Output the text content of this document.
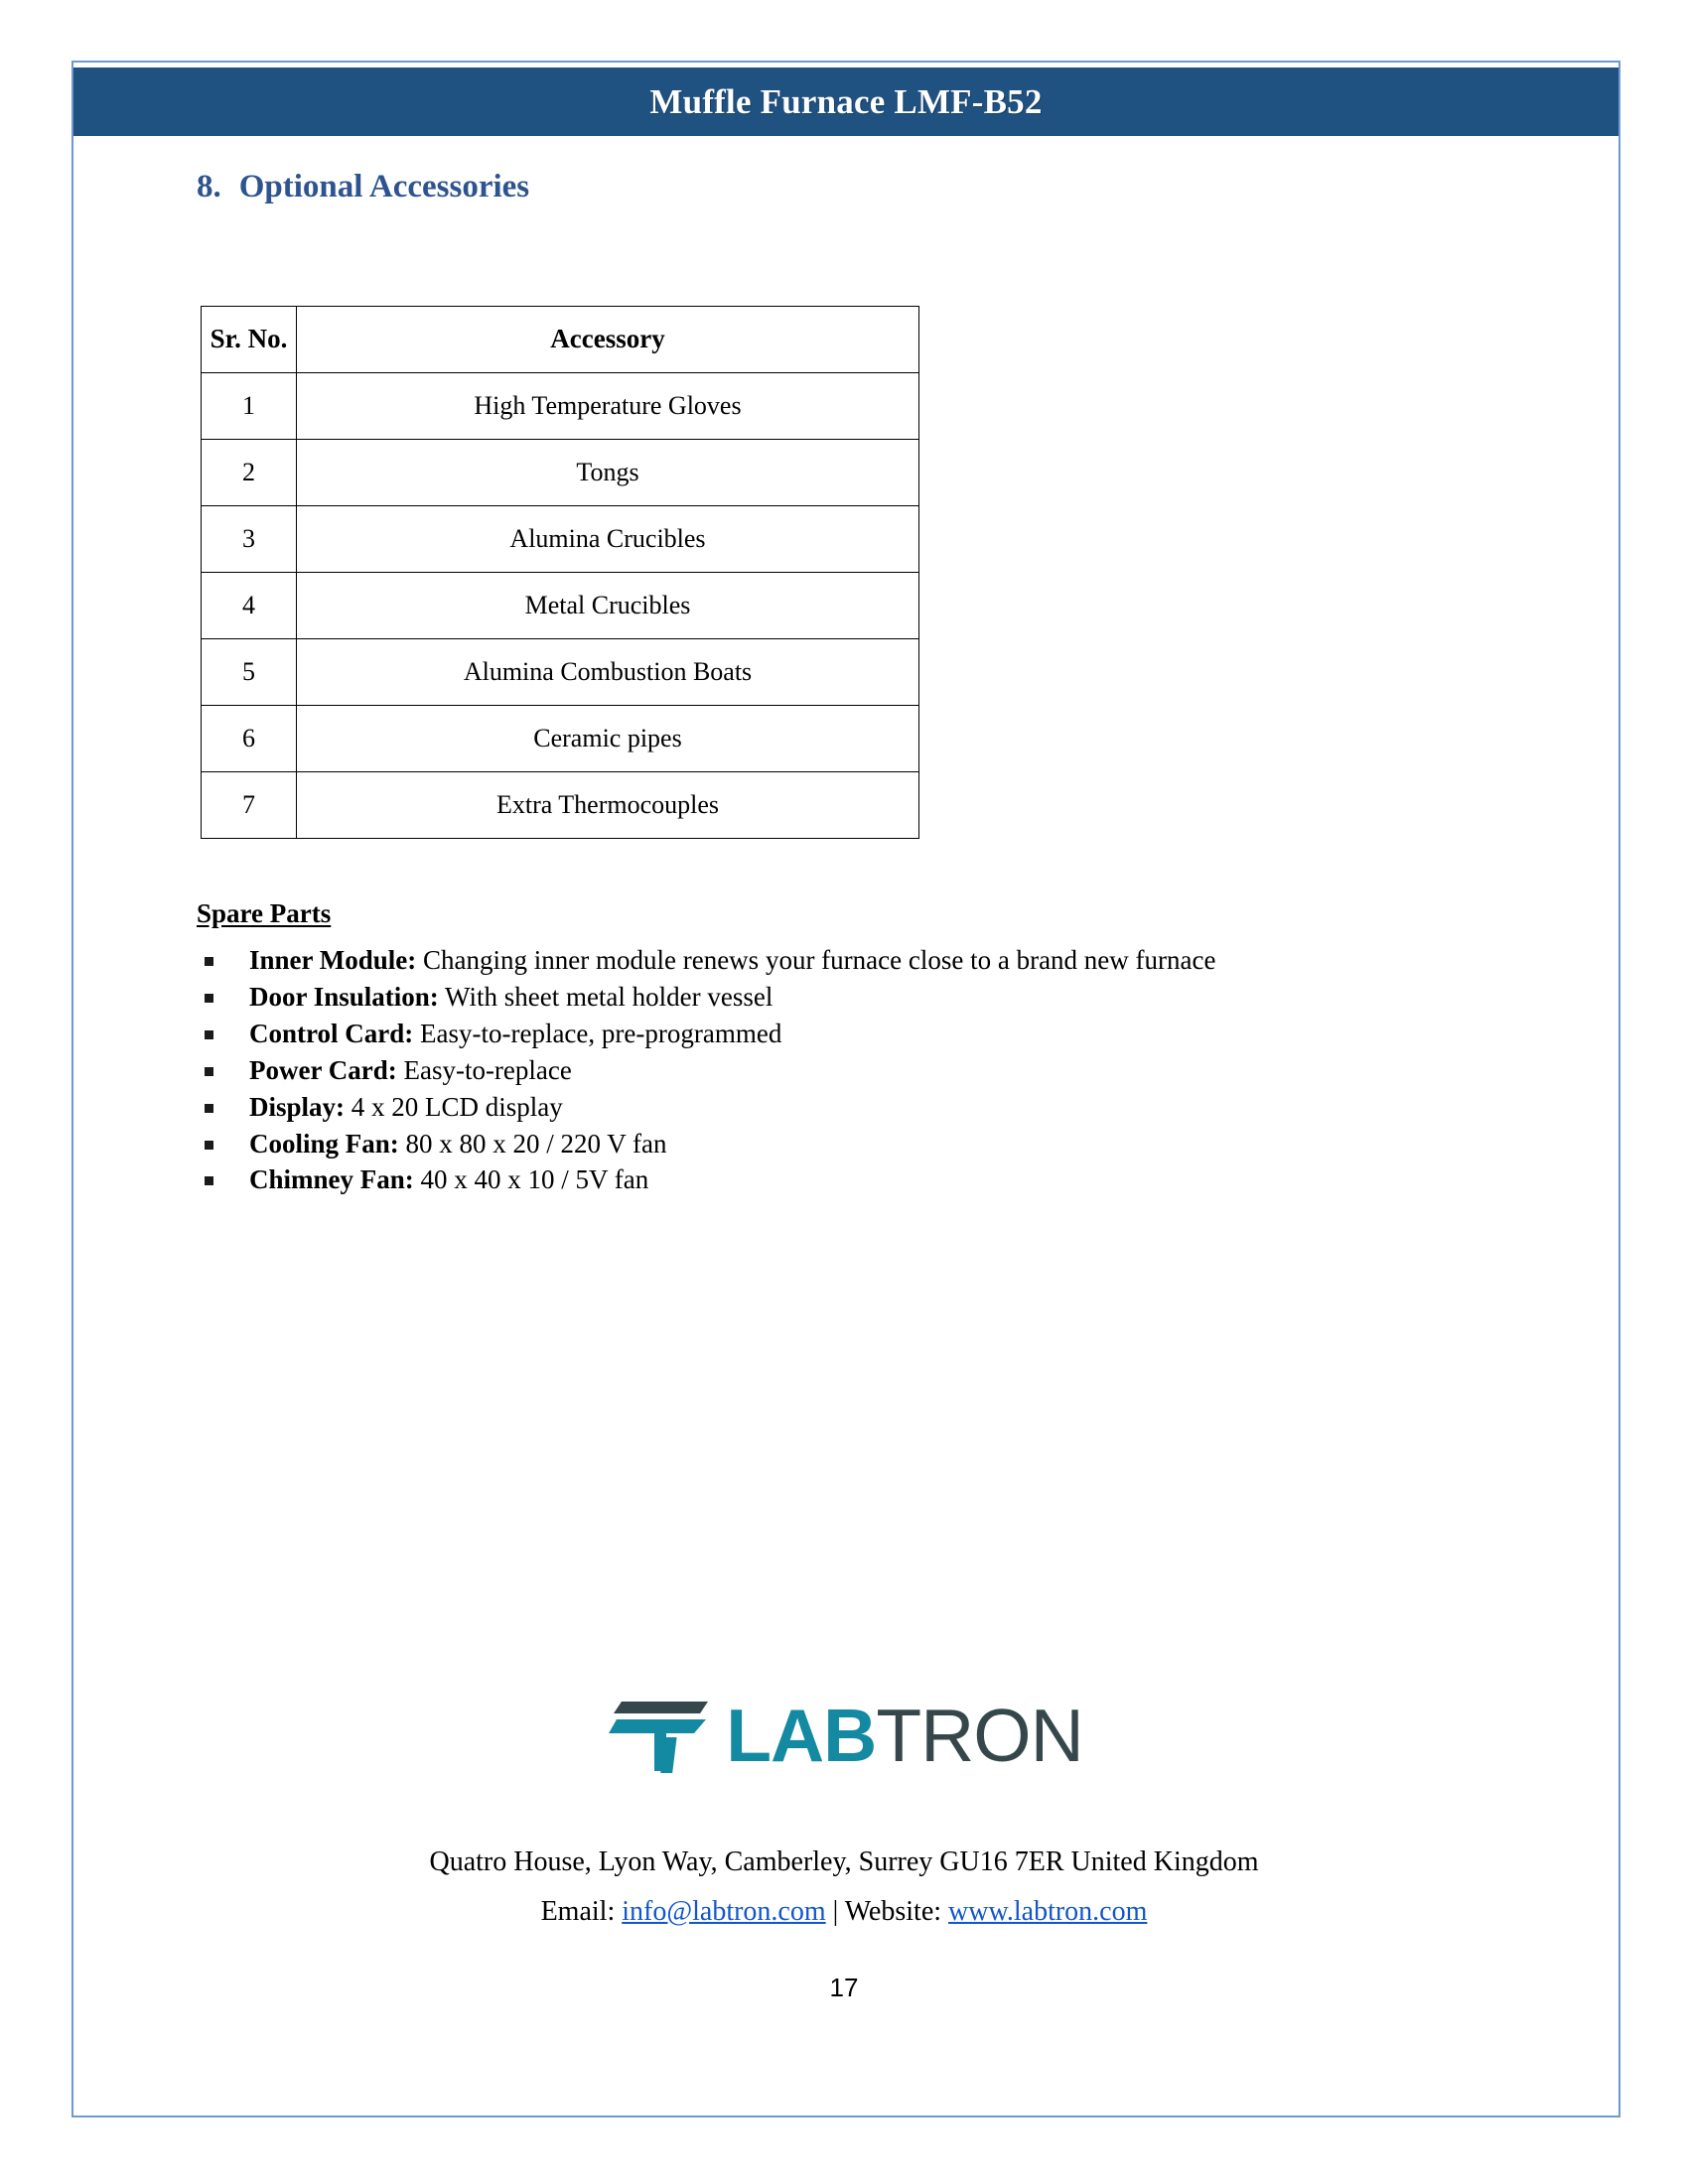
Muffle Furnace LMF-B52
8. Optional Accessories
Sr. No.	Accessory
1	High Temperature Gloves
2	Tongs
3	Alumina Crucibles
4	Metal Crucibles
5	Alumina Combustion Boats
6	Ceramic pipes
7	Extra Thermocouples
Spare Parts
Inner Module: Changing inner module renews your furnace close to a brand new furnace
Door Insulation: With sheet metal holder vessel
Control Card: Easy-to-replace, pre-programmed
Power Card: Easy-to-replace
Display: 4 x 20 LCD display
Cooling Fan: 80 x 80 x 20 / 220 V fan
Chimney Fan: 40 x 40 x 10 / 5V fan
LABTRON
Quatro House, Lyon Way, Camberley, Surrey GU16 7ER United Kingdom
Email: info@labtron.com | Website: www.labtron.com
17
